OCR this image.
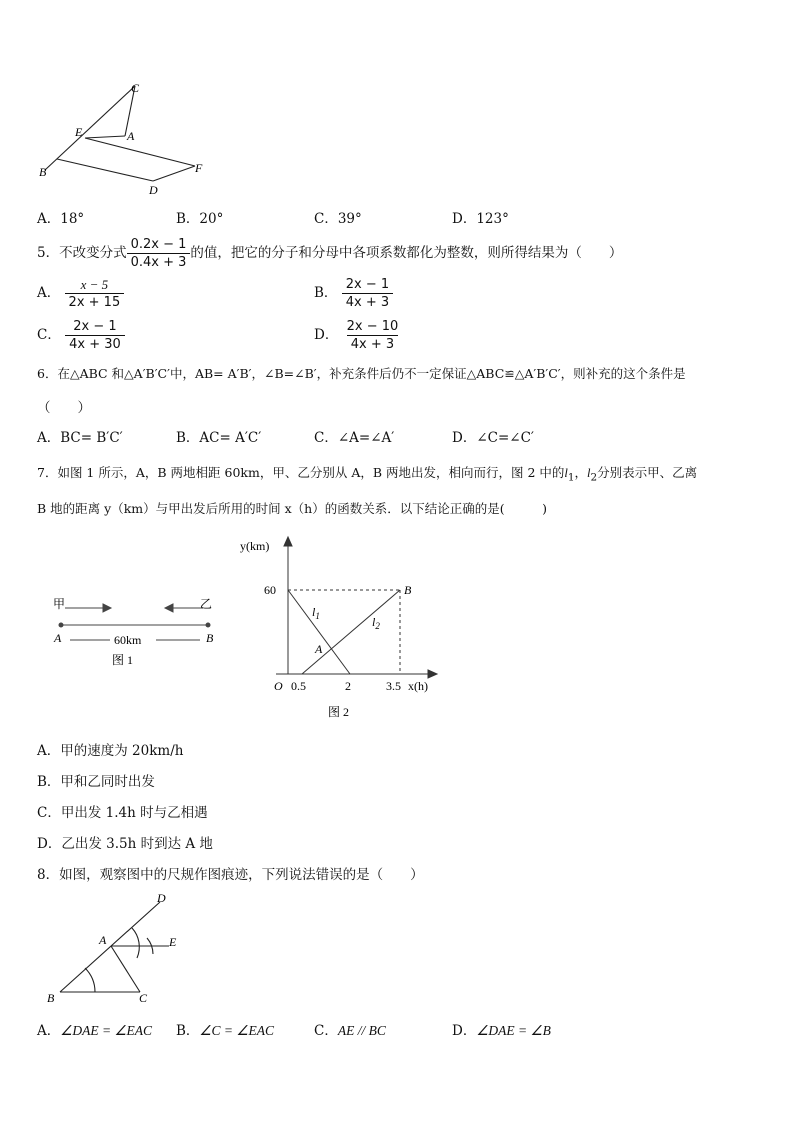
C
E	A
B	F
D
A．18°	B．20°	C．39°	D．123°
5．不改变分式 $\frac{0.2x - 1}{0.4x + 3}$ 的值，把它的分子和分母中各项系数都化为整数，则所得结果为（　　）
A． $\frac{x - 5}{2x + 15}$	B． $\frac{2x - 1}{4x + 3}$
C． $\frac{2x - 1}{4x + 30}$	D． $\frac{2x - 10}{4x + 3}$
6．在△ABC 和△A′B′C′中，AB= A′B′，∠B=∠B′，补充条件后仍不一定保证△ABC≌△A′B′C′，则补充的这个条件是
（　　）
A．BC= B′C′	B．AC= A′C′	C．∠A=∠A′	D．∠C=∠C′
7．如图 1 所示，A，B 两地相距 60km，甲、乙分别从 A，B 两地出发，相向而行，图 2 中的$l_1$，$l_2$分别表示甲、乙离
B 地的距离 y（km）与甲出发后所用的时间 x（h）的函数关系．以下结论正确的是(　　　)
甲	乙
A	B
60km
图 1
y(km)
x(h)
60
O 0.5	2	3.5
A
B
$l_1$	$l_2$
图 2
A．甲的速度为 20km/h
B．甲和乙同时出发
C．甲出发 1.4h 时与乙相遇
D．乙出发 3.5h 时到达 A 地
8．如图，观察图中的尺规作图痕迹，下列说法错误的是（　　）
D
A	E
B	C
A．∠DAE = ∠EAC B．∠C = ∠EAC	C．AE // BC	D．∠DAE = ∠B
